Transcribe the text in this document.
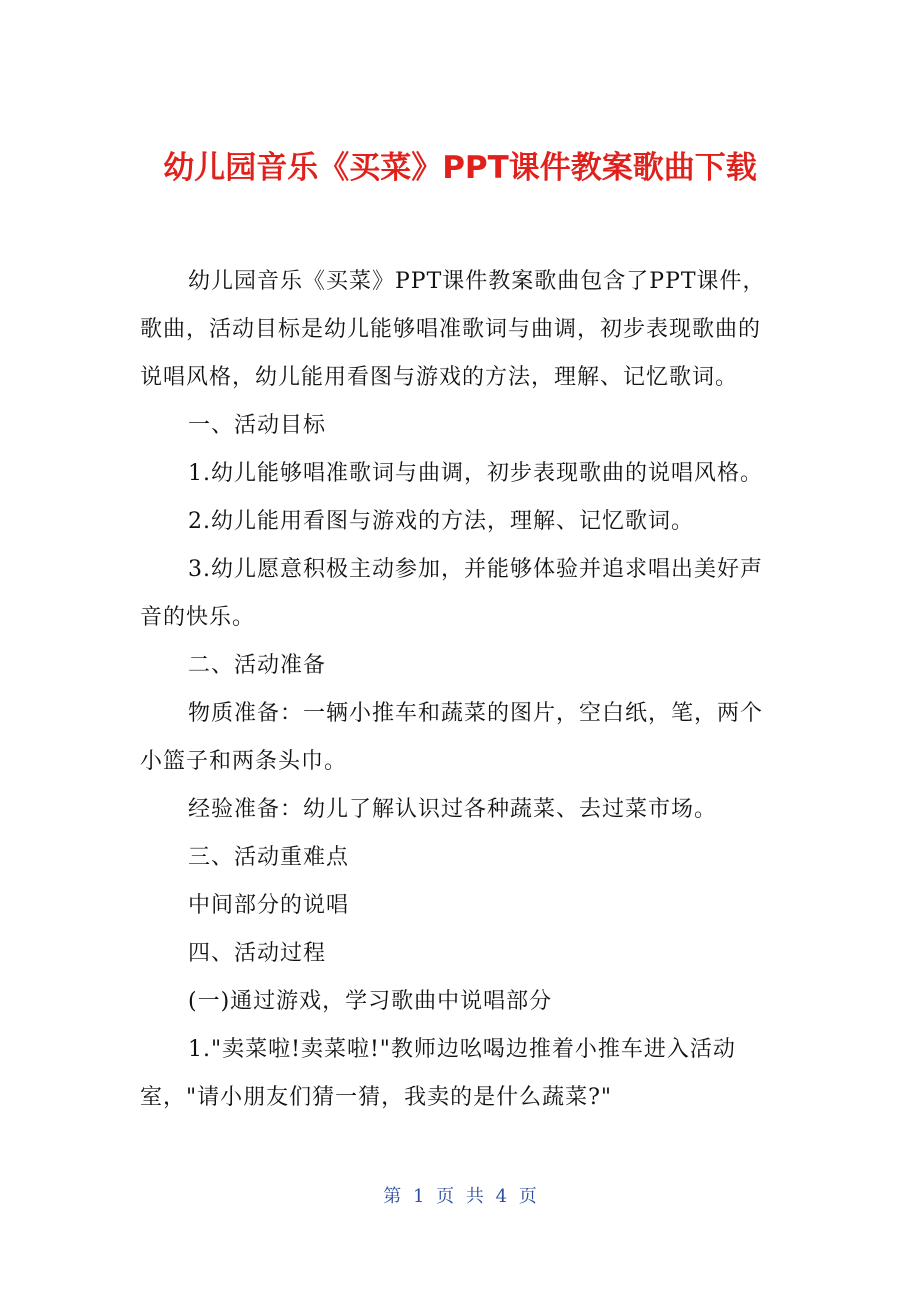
幼儿园音乐《买菜》PPT课件教案歌曲下载

幼儿园音乐《买菜》PPT课件教案歌曲包含了PPT课件，歌曲，活动目标是幼儿能够唱准歌词与曲调，初步表现歌曲的说唱风格，幼儿能用看图与游戏的方法，理解、记忆歌词。

一、活动目标

1.幼儿能够唱准歌词与曲调，初步表现歌曲的说唱风格。

2.幼儿能用看图与游戏的方法，理解、记忆歌词。

3.幼儿愿意积极主动参加，并能够体验并追求唱出美好声音的快乐。

二、活动准备

物质准备：一辆小推车和蔬菜的图片，空白纸，笔，两个小篮子和两条头巾。

经验准备：幼儿了解认识过各种蔬菜、去过菜市场。

三、活动重难点

中间部分的说唱

四、活动过程

(一)通过游戏，学习歌曲中说唱部分

1."卖菜啦!卖菜啦!"教师边吆喝边推着小推车进入活动室，"请小朋友们猜一猜，我卖的是什么蔬菜?"

第 1 页 共 4 页
